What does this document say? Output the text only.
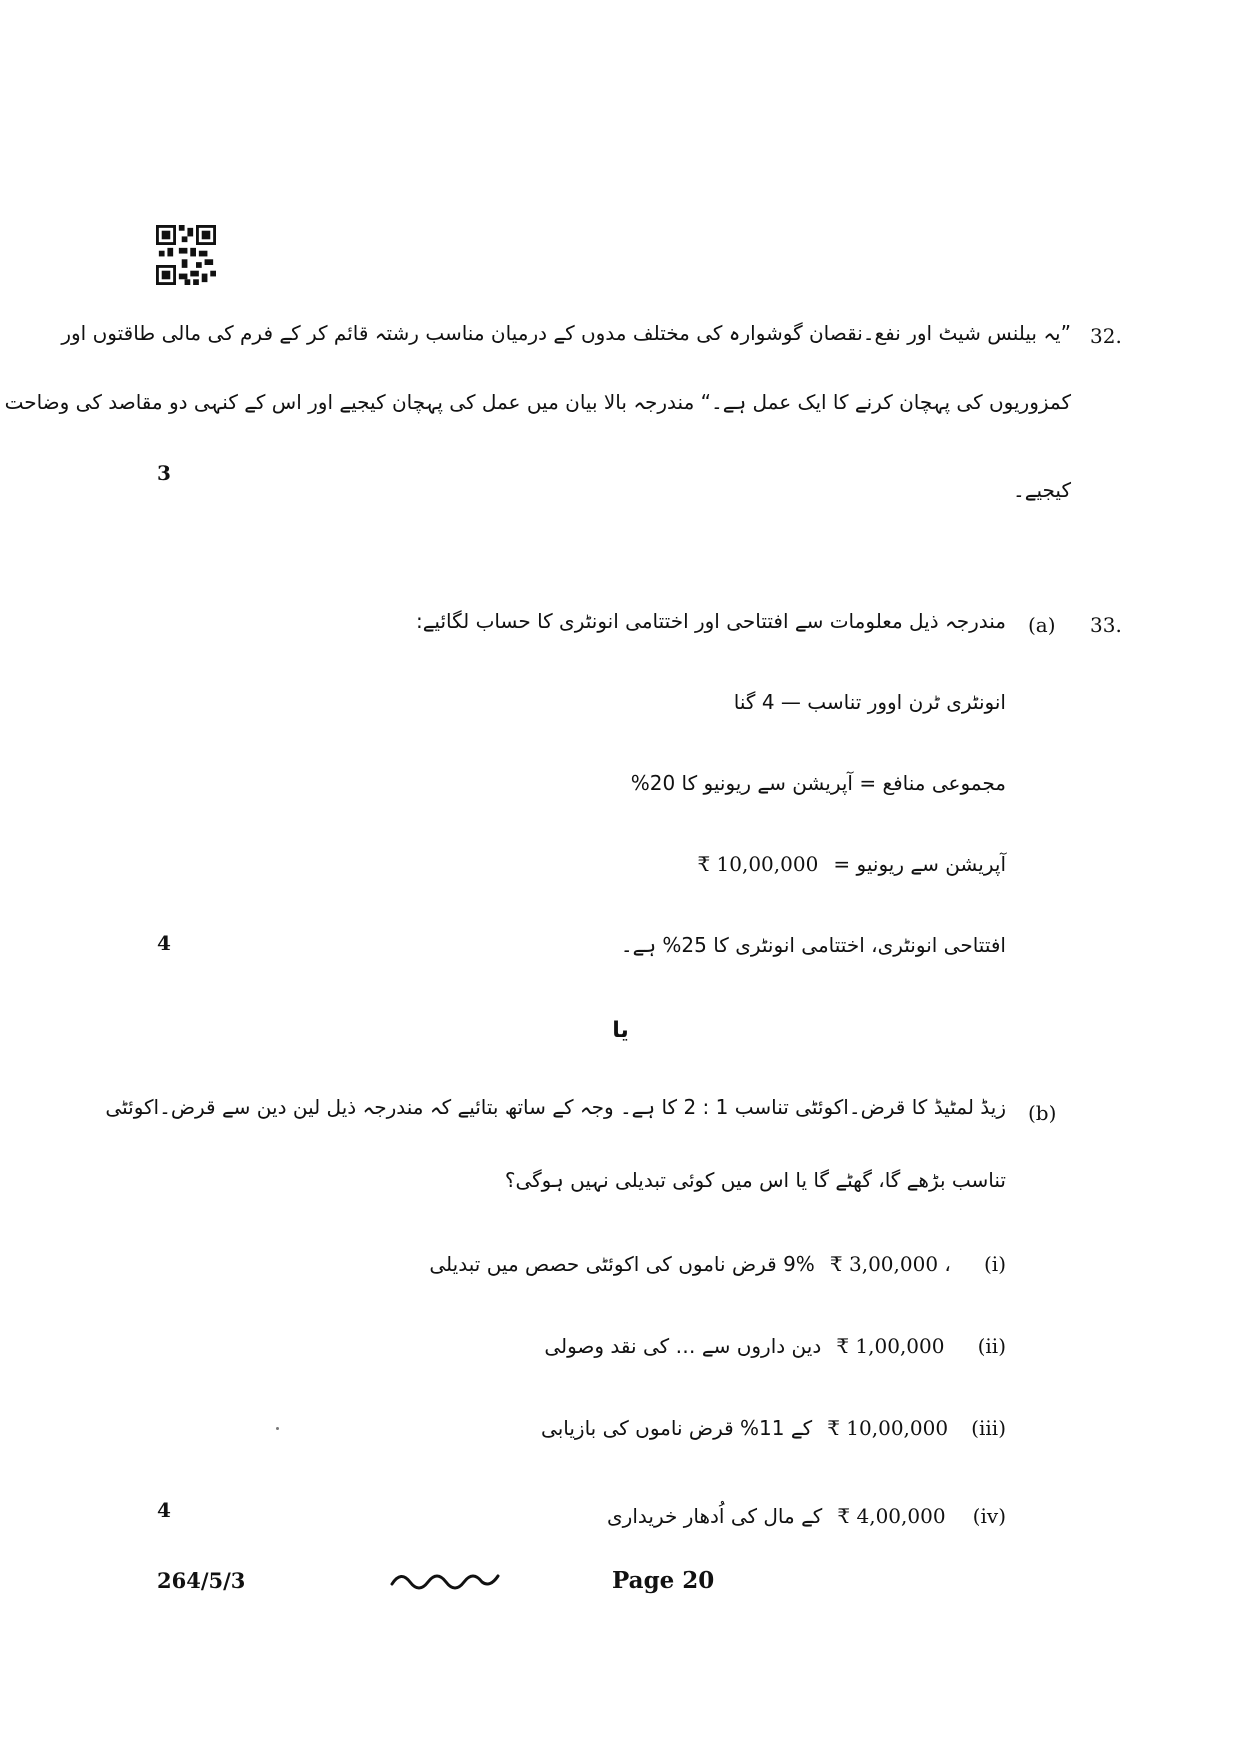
32.
”یہ بیلنس شیٹ اور نفع۔نقصان گوشوارہ کی مختلف مدوں کے درمیان مناسب رشتہ قائم کر کے فرم کی مالی طاقتوں اور
کمزوریوں کی پہچان کرنے کا ایک عمل ہے۔“ مندرجہ بالا بیان میں عمل کی پہچان کیجیے اور اس کے کنہی دو مقاصد کی وضاحت
کیجیے۔
3
33.
(a)
مندرجہ ذیل معلومات سے افتتاحی اور اختتامی انونٹری کا حساب لگائیے:
انونٹری ٹرن اوور تناسب — 4 گنا
مجموعی منافع = آپریشن سے ریونیو کا 20%
آپریشن سے ریونیو = ₹ 10,00,000
افتتاحی انونٹری، اختتامی انونٹری کا 25% ہے۔
4
یا
(b)
زیڈ لمٹیڈ کا قرض۔اکوئٹی تناسب 1 : 2 کا ہے۔ وجہ کے ساتھ بتائیے کہ مندرجہ ذیل لین دین سے قرض۔اکوئٹی
تناسب بڑھے گا، گھٹے گا یا اس میں کوئی تبدیلی نہیں ہوگی؟
(i) ₹ 3,00,000 ، 9% قرض ناموں کی اکوئٹی حصص میں تبدیلی
(ii) ₹ 1,00,000 دین داروں سے … کی نقد وصولی
(iii) ₹ 10,00,000 کے 11% قرض ناموں کی بازیابی
(iv) ₹ 4,00,000 کے مال کی اُدھار خریداری
4
264/5/3	Page 20
